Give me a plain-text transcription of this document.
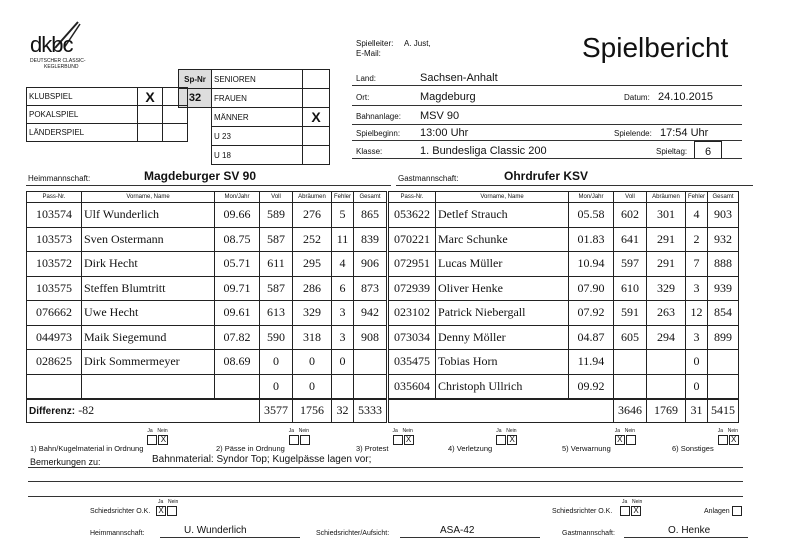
dkbc
DEUTSCHER CLASSIC-
KEGLERBUND
Spielbericht
Spielleiter: A. Just,
E-Mail:
Sp-Nr	SENIOREN	
32	FRAUEN	
	MÄNNER	X
	U 23	
	U 18	
KLUBSPIEL	X	
POKALSPIEL		
LÄNDERSPIEL		
Land:	Sachsen-Anhalt
Ort:	Magdeburg	Datum: 24.10.2015
Bahnanlage: MSV 90
Spielbeginn: 13:00 Uhr	Spielende: 17:54 Uhr
Klasse:	1. Bundesliga Classic 200	Spieltag:	6
Heimmannschaft:	Magdeburger SV 90	Gastmannschaft:	Ohrdrufer KSV
Pass-Nr.	Vorname, Name	Mon/Jahr	Voll	Abräumen	Fehler	Gesamt	Pass-Nr.	Vorname, Name	Mon/Jahr	Voll	Abräumen	Fehler	Gesamt
103574	Ulf Wunderlich	09.66	589	276	5	865	053622	Detlef Strauch	05.58	602	301	4	903
103573	Sven Ostermann	08.75	587	252	11	839	070221	Marc Schunke	01.83	641	291	2	932
103572	Dirk Hecht	05.71	611	295	4	906	072951	Lucas Müller	10.94	597	291	7	888
103575	Steffen Blumtritt	09.71	587	286	6	873	072939	Oliver Henke	07.90	610	329	3	939
076662	Uwe Hecht	09.61	613	329	3	942	023102	Patrick Niebergall	07.92	591	263	12	854
044973	Maik Siegemund	07.82	590	318	3	908	073034	Denny Möller	04.87	605	294	3	899
028625	Dirk Sommermeyer	08.69	0	0	0		035475	Tobias Horn	11.94			0	
			0	0			035604	Christoph Ullrich	09.92			0	
Differenz: -82			3577	1756	32	5333				3646	1769	31	5415
$_{1) Bahn/Kugelmaterial in Ordnung}$
Ja Nein
X
$_{2) Pässe in Ordnung}$
Ja Nein
$_{3) Protest}$
Ja Nein
X
$_{4) Verletzung}$
Ja Nein
X
$_{5) Verwarnung}$
Ja Nein
X
$_{6) Sonstiges}$
Ja Nein
X
Bemerkungen zu:	Bahnmaterial: Syndor Top; Kugelpässe lagen vor;
Ja Nein
Schiedsrichter O.K. X
Ja Nein
Schiedsrichter O.K.	X	Anlagen
Heimmannschaft:	U. Wunderlich	Schiedsrichter/Aufsicht:	ASA-42	Gastmannschaft:	O. Henke
